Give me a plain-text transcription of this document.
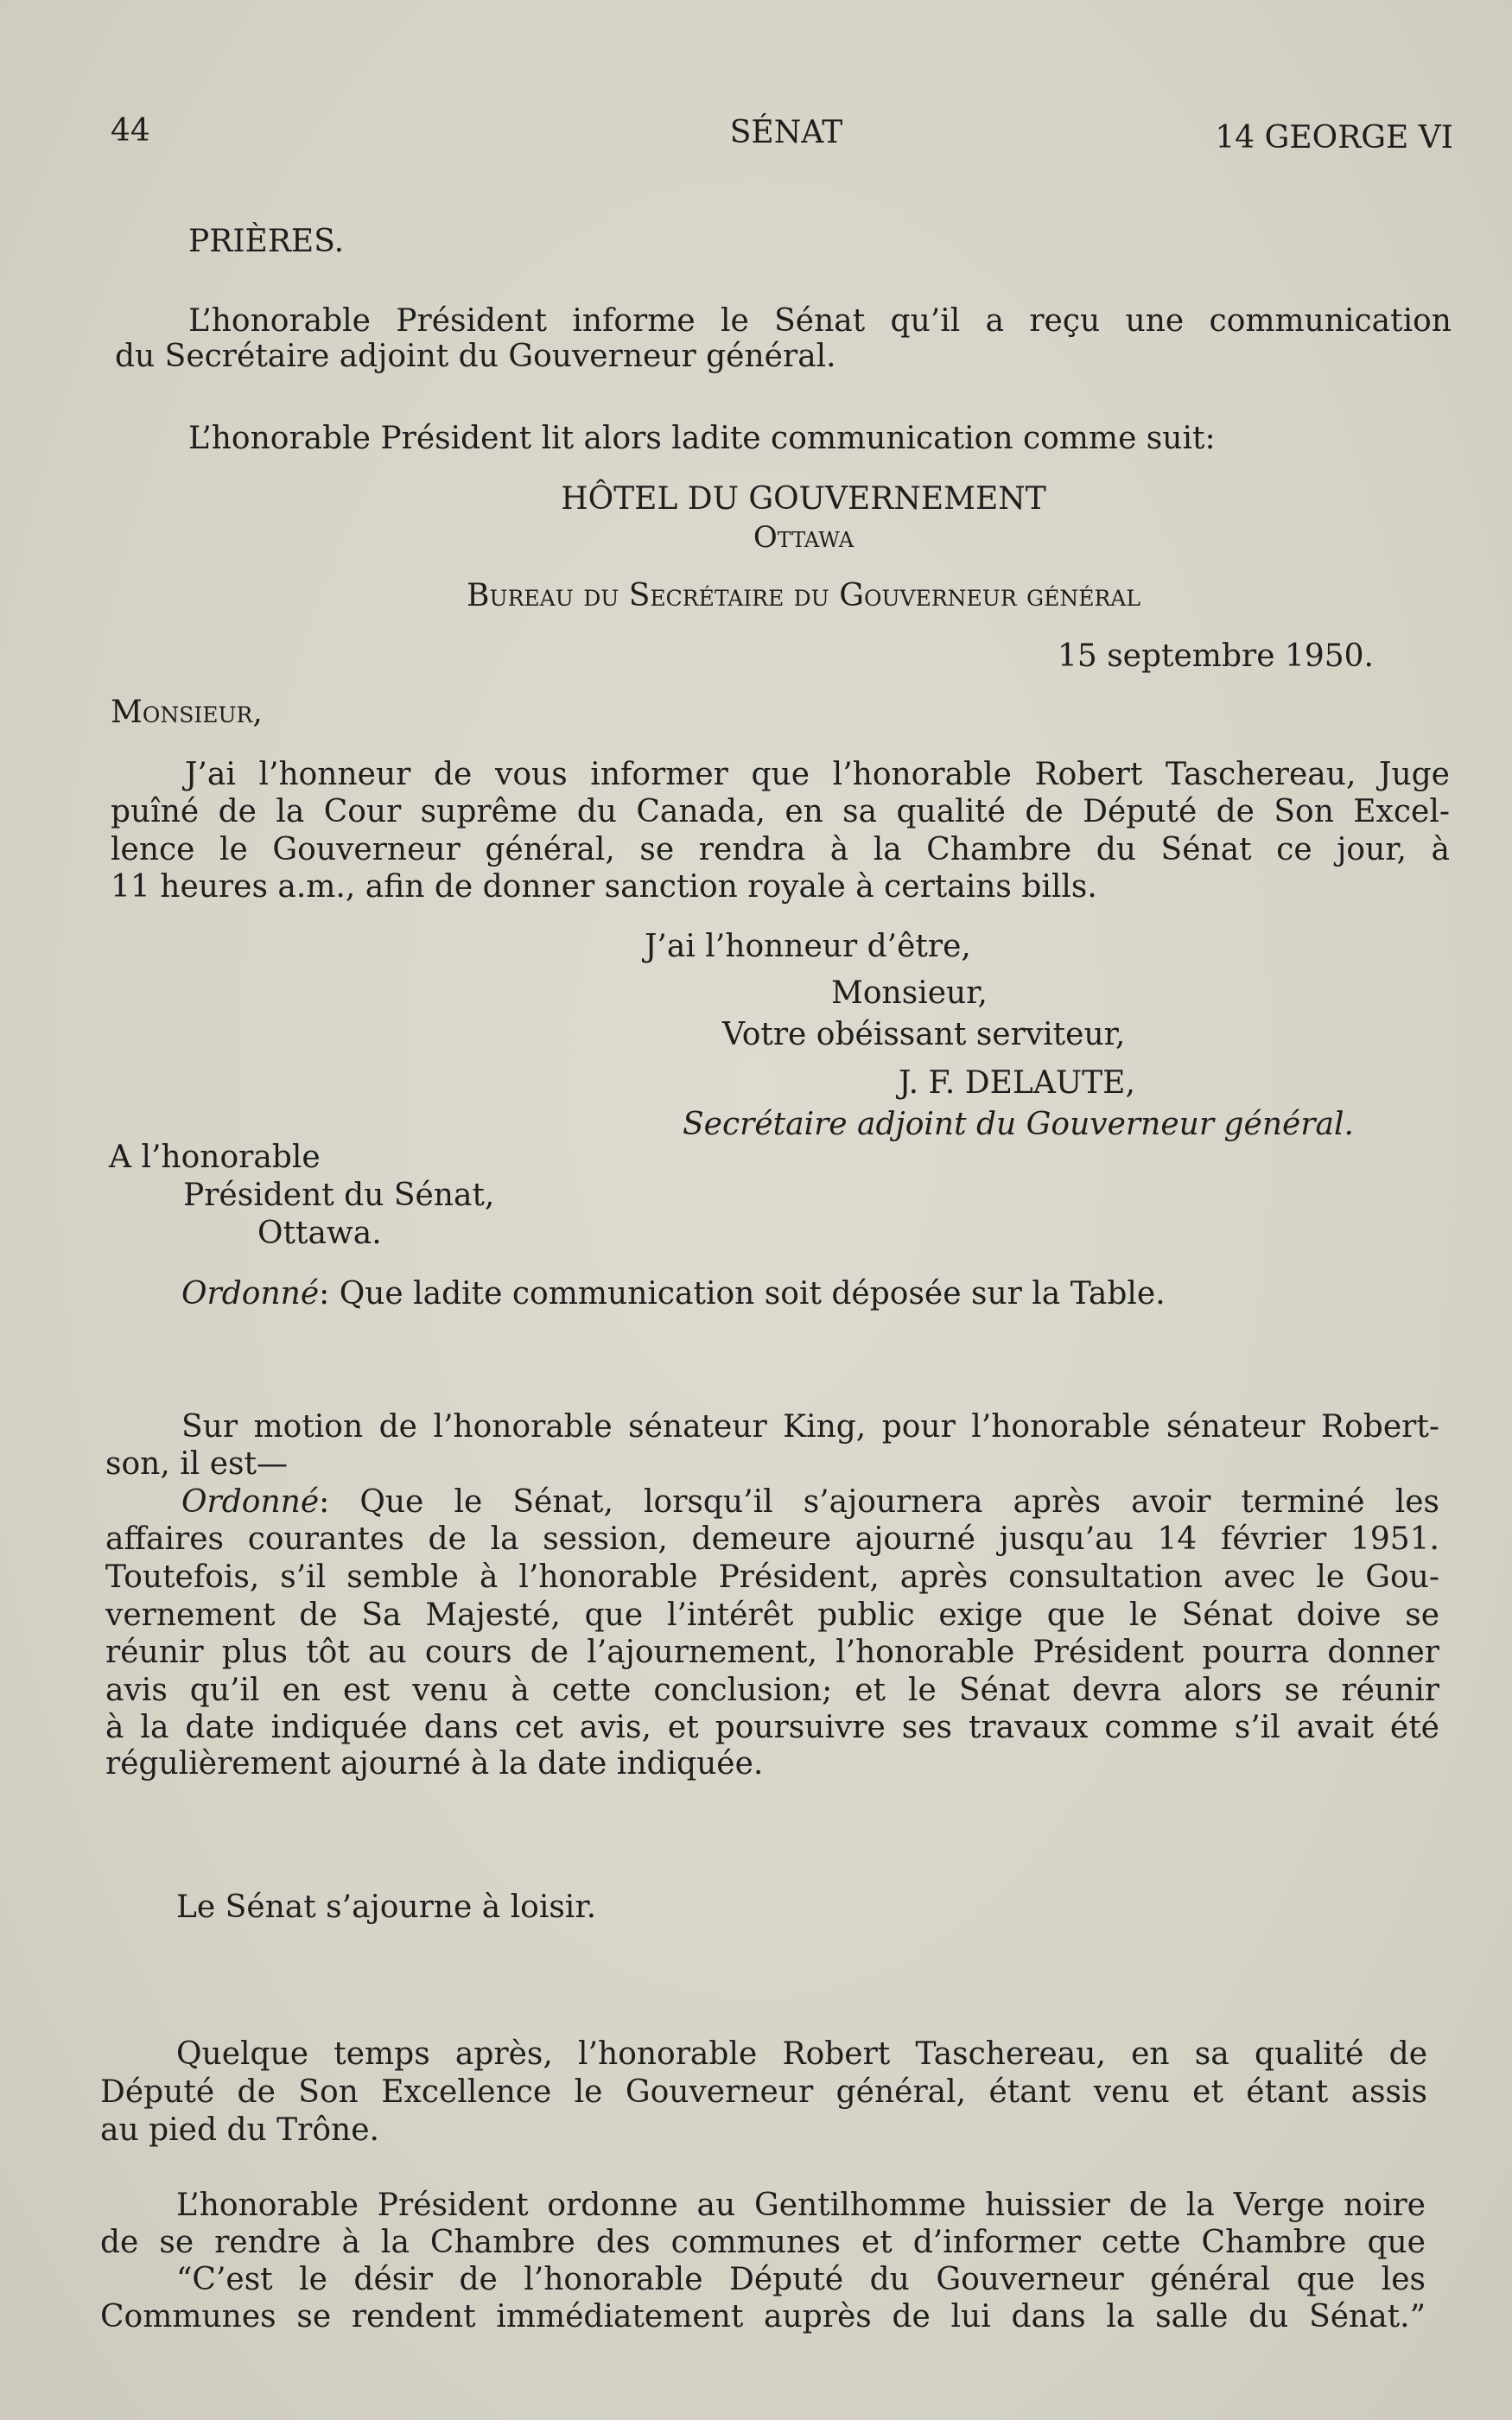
44	SÉNAT	14 GEORGE VI
PRIÈRES.
L’honorable Président informe le Sénat qu’il a reçu une communication
du Secrétaire adjoint du Gouverneur général.
L’honorable Président lit alors ladite communication comme suit:
HÔTEL DU GOUVERNEMENT
Ottawa
Bureau du Secrétaire du Gouverneur général
15 septembre 1950.
Monsieur,
J’ai l’honneur de vous informer que l’honorable Robert Taschereau, Juge
puîné de la Cour suprême du Canada, en sa qualité de Député de Son Excel-
lence le Gouverneur général, se rendra à la Chambre du Sénat ce jour, à
11 heures a.m., afin de donner sanction royale à certains bills.
J’ai l’honneur d’être,
Monsieur,
Votre obéissant serviteur,
J. F. DELAUTE,
Secrétaire adjoint du Gouverneur général.
A l’honorable
Président du Sénat,
Ottawa.
Ordonné: Que ladite communication soit déposée sur la Table.
Sur motion de l’honorable sénateur King, pour l’honorable sénateur Robert-
son, il est—
Ordonné: Que le Sénat, lorsqu’il s’ajournera après avoir terminé les
affaires courantes de la session, demeure ajourné jusqu’au 14 février 1951.
Toutefois, s’il semble à l’honorable Président, après consultation avec le Gou-
vernement de Sa Majesté, que l’intérêt public exige que le Sénat doive se
réunir plus tôt au cours de l’ajournement, l’honorable Président pourra donner
avis qu’il en est venu à cette conclusion; et le Sénat devra alors se réunir
à la date indiquée dans cet avis, et poursuivre ses travaux comme s’il avait été
régulièrement ajourné à la date indiquée.
Le Sénat s’ajourne à loisir.
Quelque temps après, l’honorable Robert Taschereau, en sa qualité de
Député de Son Excellence le Gouverneur général, étant venu et étant assis
au pied du Trône.
L’honorable Président ordonne au Gentilhomme huissier de la Verge noire
de se rendre à la Chambre des communes et d’informer cette Chambre que
“C’est le désir de l’honorable Député du Gouverneur général que les
Communes se rendent immédiatement auprès de lui dans la salle du Sénat.”
